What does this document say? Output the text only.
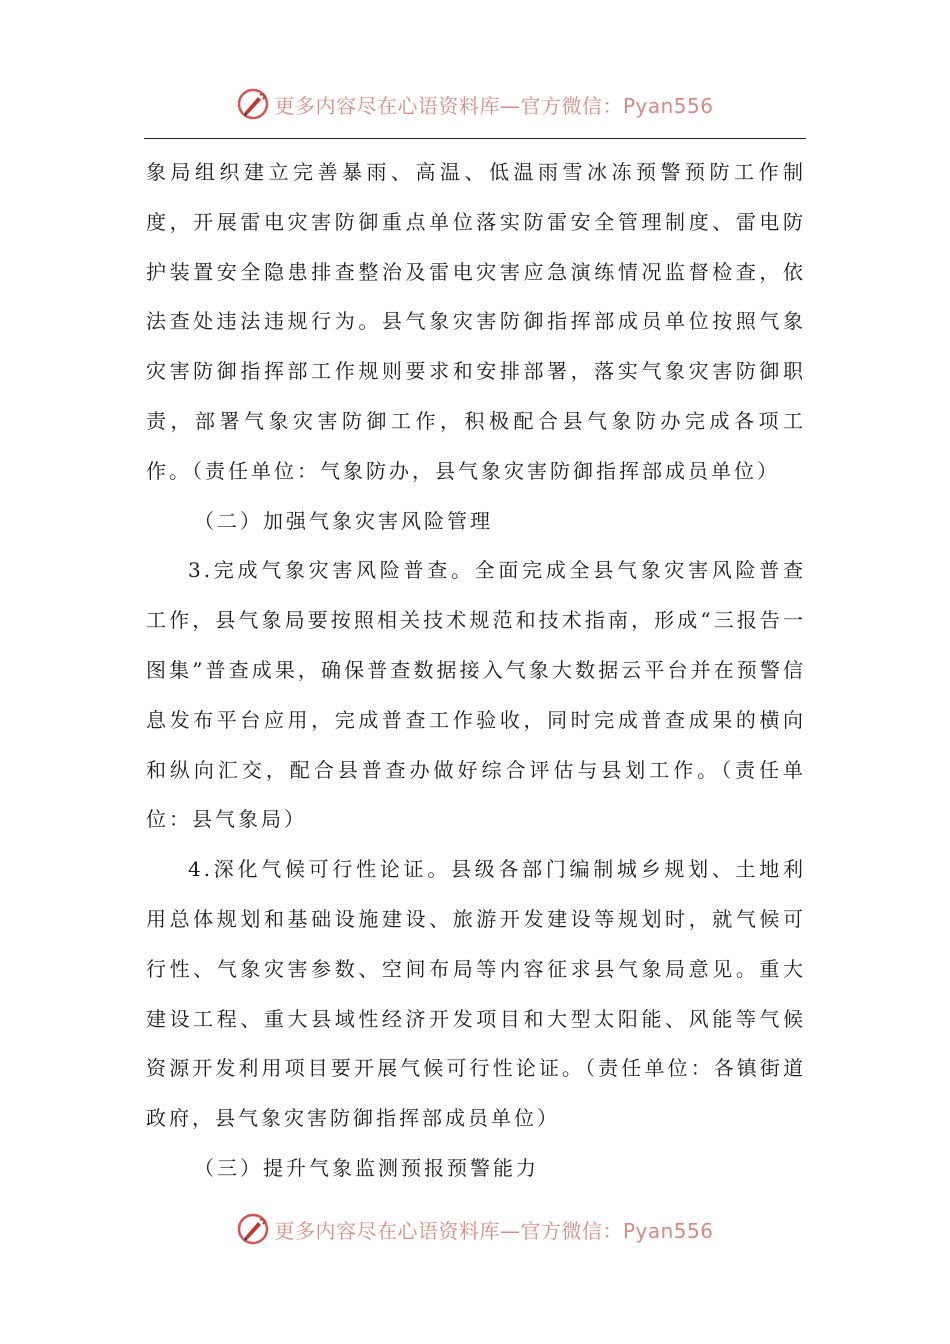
更多内容尽在心语资料库—官方微信：Pyan556

象局组织建立完善暴雨、高温、低温雨雪冰冻预警预防工作制度，开展雷电灾害防御重点单位落实防雷安全管理制度、雷电防护装置安全隐患排查整治及雷电灾害应急演练情况监督检查，依法查处违法违规行为。县气象灾害防御指挥部成员单位按照气象灾害防御指挥部工作规则要求和安排部署，落实气象灾害防御职责，部署气象灾害防御工作，积极配合县气象防办完成各项工作。（责任单位：气象防办，县气象灾害防御指挥部成员单位）

（二）加强气象灾害风险管理

3.完成气象灾害风险普查。全面完成全县气象灾害风险普查工作，县气象局要按照相关技术规范和技术指南，形成“三报告一图集”普查成果，确保普查数据接入气象大数据云平台并在预警信息发布平台应用，完成普查工作验收，同时完成普查成果的横向和纵向汇交，配合县普查办做好综合评估与县划工作。（责任单位：县气象局）

4.深化气候可行性论证。县级各部门编制城乡规划、土地利用总体规划和基础设施建设、旅游开发建设等规划时，就气候可行性、气象灾害参数、空间布局等内容征求县气象局意见。重大建设工程、重大县域性经济开发项目和大型太阳能、风能等气候资源开发利用项目要开展气候可行性论证。（责任单位：各镇街道政府，县气象灾害防御指挥部成员单位）

（三）提升气象监测预报预警能力

更多内容尽在心语资料库—官方微信：Pyan556
